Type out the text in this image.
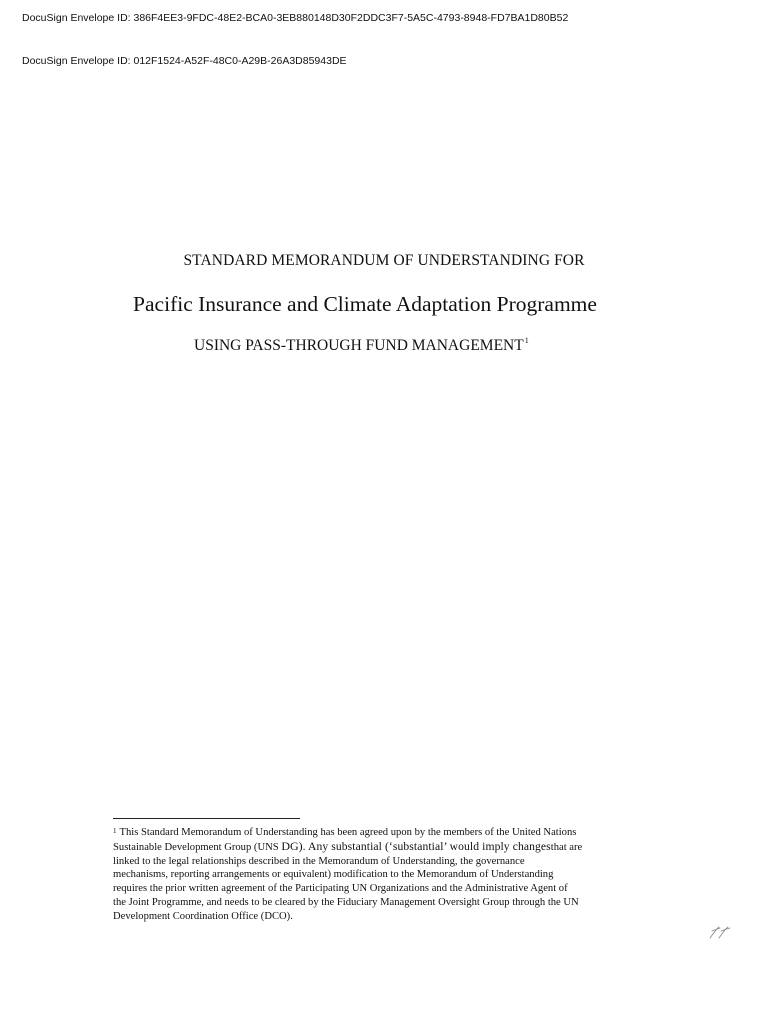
DocuSign Envelope ID: 386F4EE3-9FDC-48E2-BCA0-3EB880148D30F2DDC3F7-5A5C-4793-8948-FD7BA1D80B52
DocuSign Envelope ID: 012F1524-A52F-48C0-A29B-26A3D85943DE
STANDARD MEMORANDUM OF UNDERSTANDING FOR
Pacific Insurance and Climate Adaptation Programme
USING PASS-THROUGH FUND MANAGEMENT$^1$
$^1$ This Standard Memorandum of Understanding has been agreed upon by the members of the United Nations
Sustainable Development Group (UNS DG). Any substantial (‘substantial’ would imply changesthat are
linked to the legal relationships described in the Memorandum of Understanding, the governance
mechanisms, reporting arrangements or equivalent) modification to the Memorandum of Understanding
requires the prior written agreement of the Participating UN Organizations and the Administrative Agent of
the Joint Programme, and needs to be cleared by the Fiduciary Management Oversight Group through the UN
Development Coordination Office (DCO).
